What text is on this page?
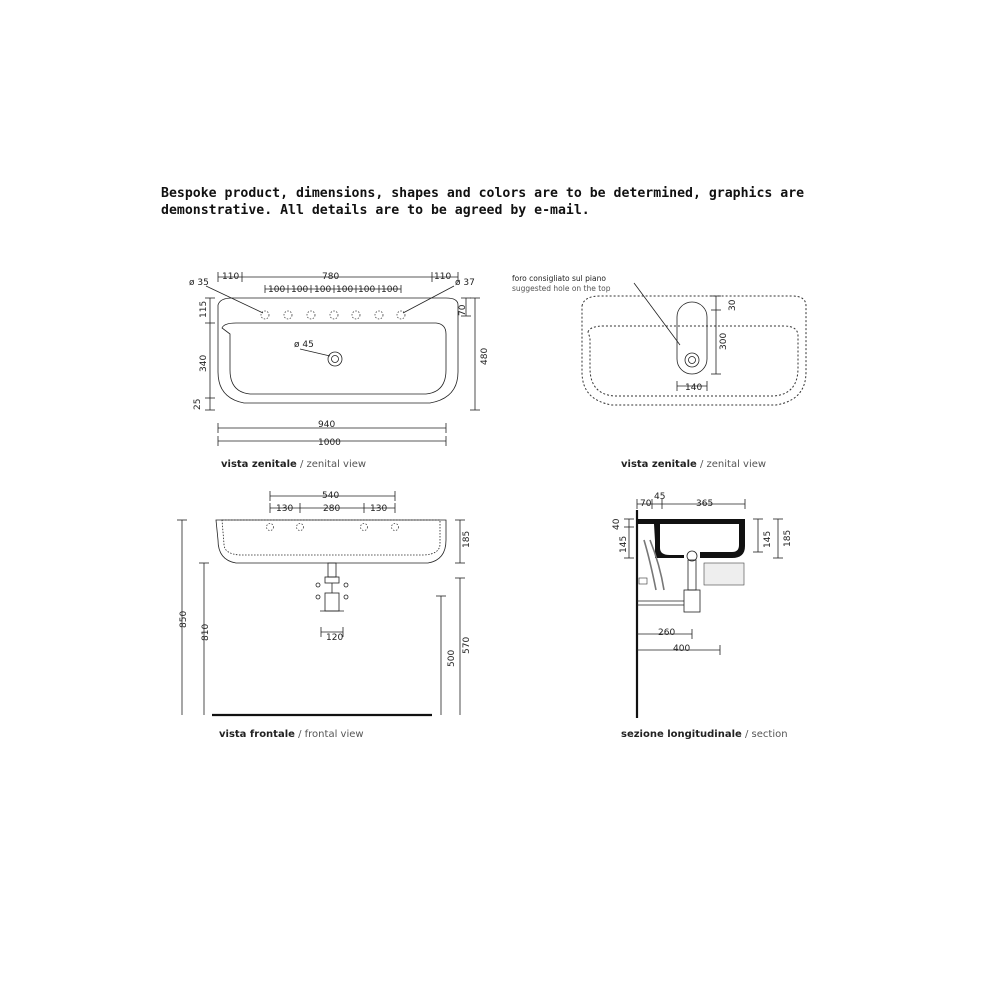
Bespoke product, dimensions, shapes and colors are to be determined, graphics are
demonstrative. All details are to be agreed by e-mail.

110	780	110
100 100 100 100 100 100
ø 35	ø 37
ø 45
115
340
25
70
480
940
1000
vista zenitale / zenital view
foro consigliato sul piano
suggested hole on the top
30
300
140
vista zenitale / zenital view
120
540
130	280	130
185
500
570
850
810
vista frontale / frontal view
70
45
365
40
145	145 185
260
400
sezione longitudinale / section
